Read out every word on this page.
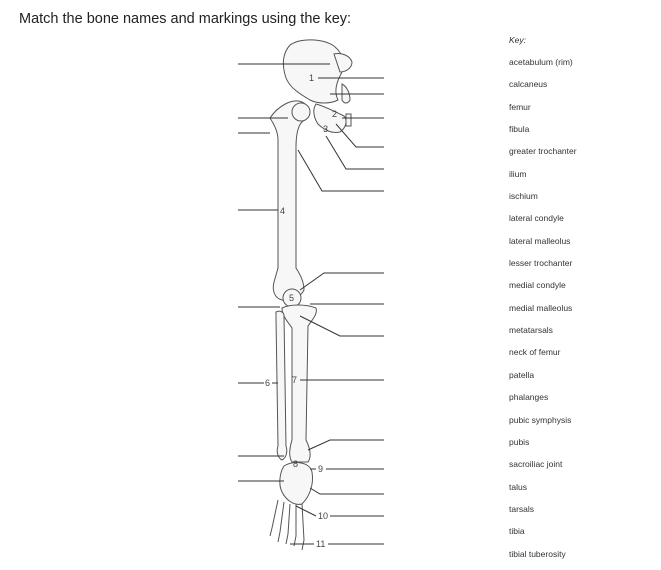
Match the bone names and markings using the key:
Key:
acetabulum (rim)
calcaneus
femur
fibula
greater trochanter
ilium
ischium
lateral condyle
lateral malleolus
lesser trochanter
medial condyle
medial malleolus
metatarsals
neck of femur
patella
phalanges
pubic symphysis
pubis
sacroiliac joint
talus
tarsals
tibia
tibial tuberosity
1
2
3
4
5
6 7
8 9
10
11
